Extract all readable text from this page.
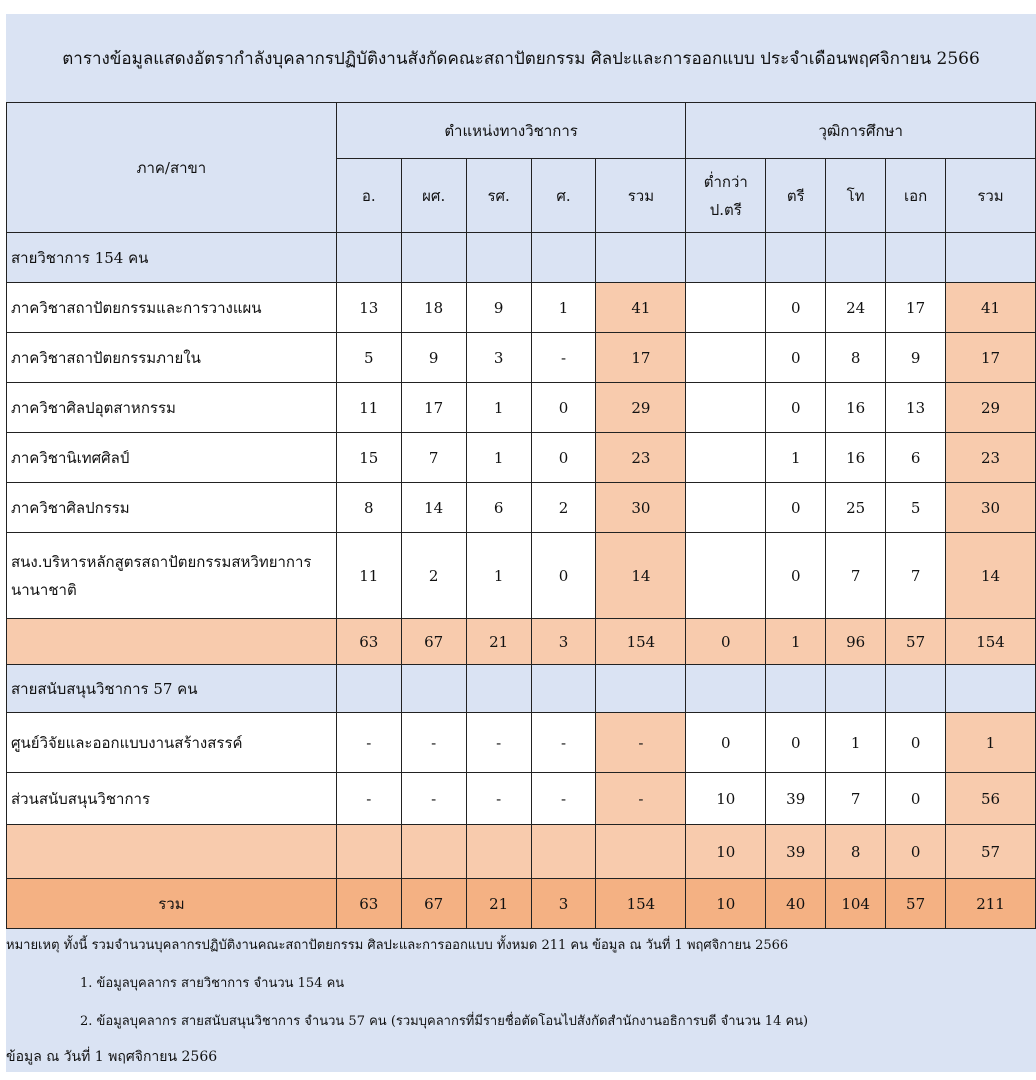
ตารางข้อมูลแสดงอัตรากำลังบุคลากรปฏิบัติงานสังกัดคณะสถาปัตยกรรม ศิลปะและการออกแบบ ประจำเดือนพฤศจิกายน 2566
ภาค/สาขา	ตำแหน่งทางวิชาการ					วุฒิการศึกษา				
	อ.	ผศ.	รศ.	ศ.	รวม	ต่ำกว่า ป.ตรี	ตรี	โท	เอก	รวม
สายวิชาการ 154 คน										
ภาควิชาสถาปัตยกรรมและการวางแผน	13	18	9	1	41		0	24	17	41
ภาควิชาสถาปัตยกรรมภายใน	5	9	3	-	17		0	8	9	17
ภาควิชาศิลปอุตสาหกรรม	11	17	1	0	29		0	16	13	29
ภาควิชานิเทศศิลป์	15	7	1	0	23		1	16	6	23
ภาควิชาศิลปกรรม	8	14	6	2	30		0	25	5	30
สนง.บริหารหลักสูตรสถาปัตยกรรมสหวิทยาการนานาชาติ	11	2	1	0	14		0	7	7	14
	63	67	21	3	154	0	1	96	57	154
สายสนับสนุนวิชาการ 57 คน										
ศูนย์วิจัยและออกแบบงานสร้างสรรค์	-	-	-	-	-	0	0	1	0	1
ส่วนสนับสนุนวิชาการ	-	-	-	-	-	10	39	7	0	56
						10	39	8	0	57
รวม	63	67	21	3	154	10	40	104	57	211
หมายเหตุ ทั้งนี้ รวมจำนวนบุคลากรปฏิบัติงานคณะสถาปัตยกรรม ศิลปะและการออกแบบ ทั้งหมด 211 คน ข้อมูล ณ วันที่ 1 พฤศจิกายน 2566
1. ข้อมูลบุคลากร สายวิชาการ จำนวน 154 คน
2. ข้อมูลบุคลากร สายสนับสนุนวิชาการ จำนวน 57 คน (รวมบุคลากรที่มีรายชื่อตัดโอนไปสังกัดสำนักงานอธิการบดี จำนวน 14 คน)
ข้อมูล ณ วันที่ 1 พฤศจิกายน 2566
